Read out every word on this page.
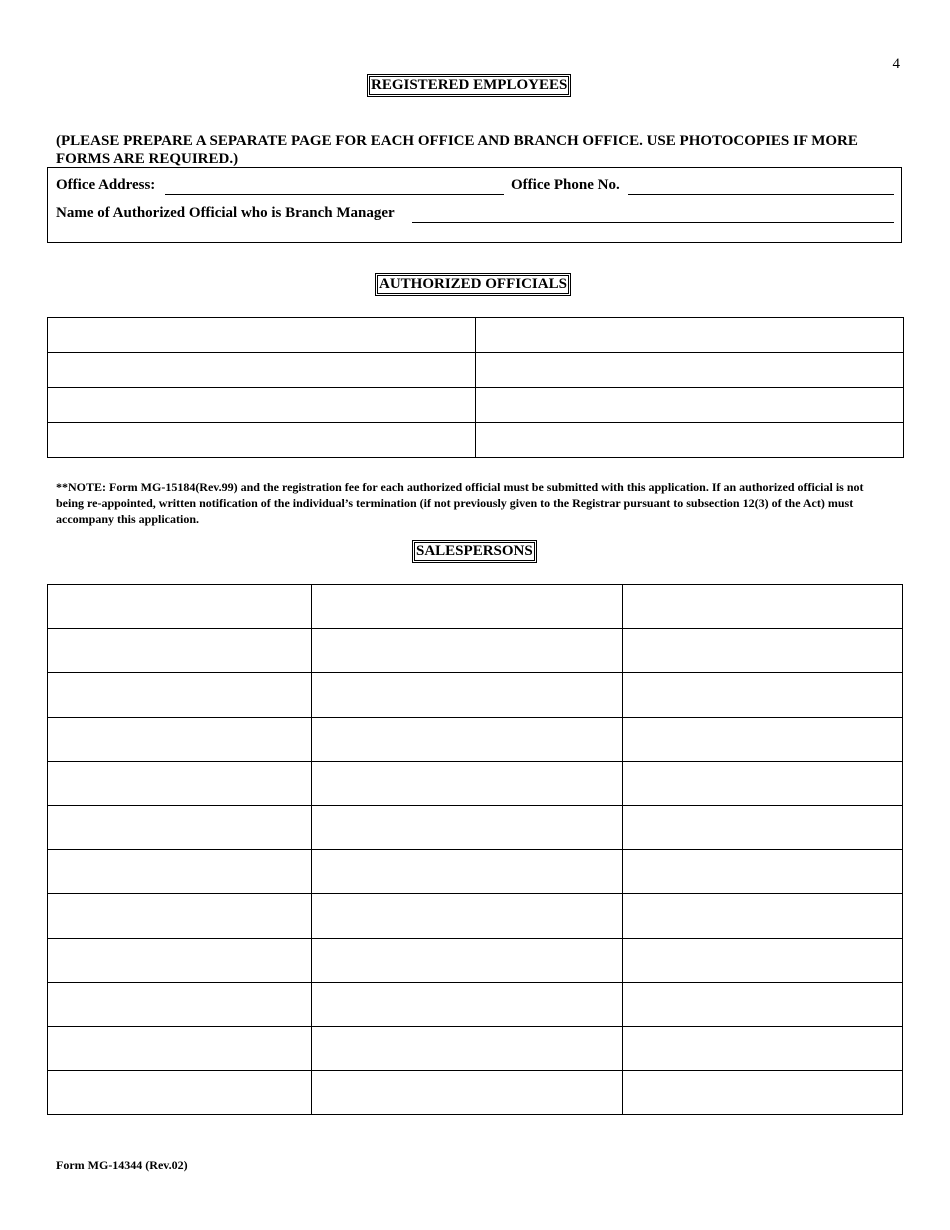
4
REGISTERED EMPLOYEES
(PLEASE PREPARE A SEPARATE PAGE FOR EACH OFFICE AND BRANCH OFFICE. USE PHOTOCOPIES IF MORE FORMS ARE REQUIRED.)
Office Address:	Office Phone No.
Name of Authorized Official who is Branch Manager
AUTHORIZED OFFICIALS

**NOTE: Form MG-15184(Rev.99) and the registration fee for each authorized official must be submitted with this application. If an authorized official is not being re-appointed, written notification of the individual’s termination (if not previously given to the Registrar pursuant to subsection 12(3) of the Act) must accompany this application.
SALESPERSONS

Form MG-14344 (Rev.02)
